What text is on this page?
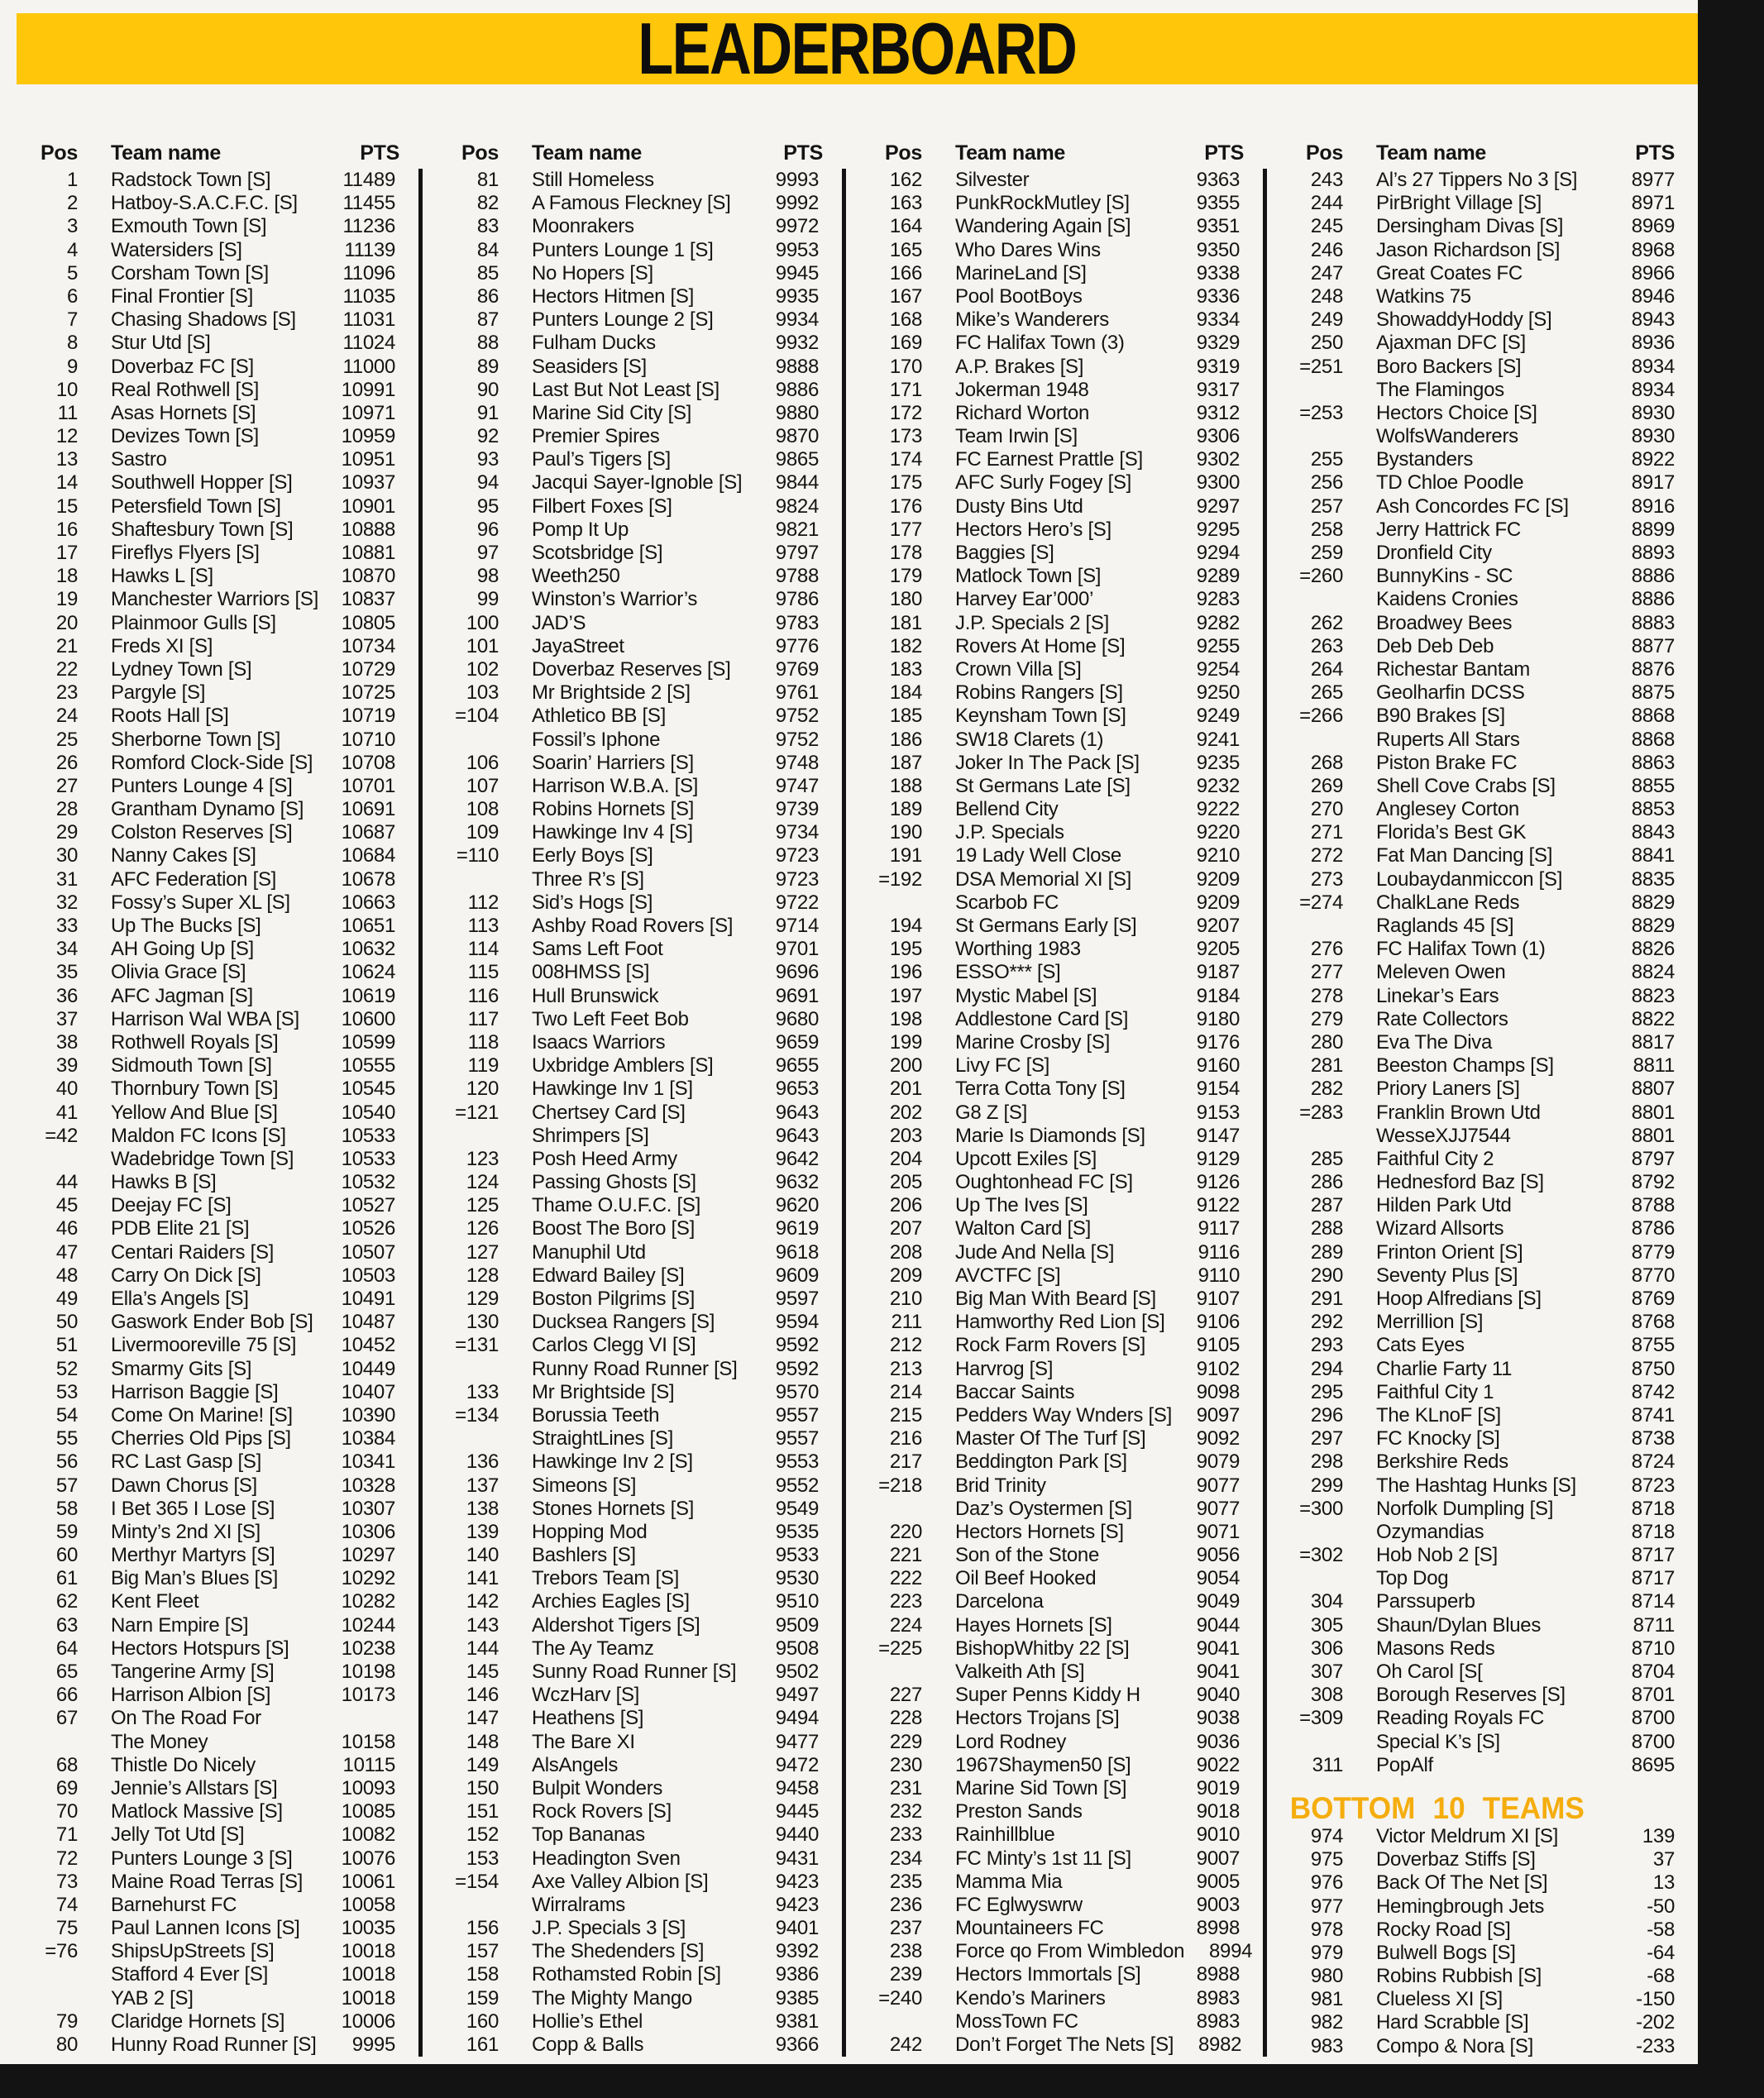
LEADERBOARD
Pos	Team name	PTS
1	Radstock Town [S]	11489
2	Hatboy-S.A.C.F.C. [S]	11455
3	Exmouth Town [S]	11236
4	Watersiders [S]	11139
5	Corsham Town [S]	11096
6	Final Frontier [S]	11035
7	Chasing Shadows [S]	11031
8	Stur Utd [S]	11024
9	Doverbaz FC [S]	11000
10	Real Rothwell [S]	10991
11	Asas Hornets [S]	10971
12	Devizes Town [S]	10959
13	Sastro	10951
14	Southwell Hopper [S]	10937
15	Petersfield Town [S]	10901
16	Shaftesbury Town [S]	10888
17	Fireflys Flyers [S]	10881
18	Hawks L [S]	10870
19	Manchester Warriors [S]	10837
20	Plainmoor Gulls [S]	10805
21	Freds XI [S]	10734
22	Lydney Town [S]	10729
23	Pargyle [S]	10725
24	Roots Hall [S]	10719
25	Sherborne Town [S]	10710
26	Romford Clock-Side [S]	10708
27	Punters Lounge 4 [S]	10701
28	Grantham Dynamo [S]	10691
29	Colston Reserves [S]	10687
30	Nanny Cakes [S]	10684
31	AFC Federation [S]	10678
32	Fossy’s Super XL [S]	10663
33	Up The Bucks [S]	10651
34	AH Going Up [S]	10632
35	Olivia Grace [S]	10624
36	AFC Jagman [S]	10619
37	Harrison Wal WBA [S]	10600
38	Rothwell Royals [S]	10599
39	Sidmouth Town [S]	10555
40	Thornbury Town [S]	10545
41	Yellow And Blue [S]	10540
=42	Maldon FC Icons [S]	10533
Wadebridge Town [S]	10533
44	Hawks B [S]	10532
45	Deejay FC [S]	10527
46	PDB Elite 21 [S]	10526
47	Centari Raiders [S]	10507
48	Carry On Dick [S]	10503
49	Ella’s Angels [S]	10491
50	Gaswork Ender Bob [S]	10487
51	Livermooreville 75 [S]	10452
52	Smarmy Gits [S]	10449
53	Harrison Baggie [S]	10407
54	Come On Marine! [S]	10390
55	Cherries Old Pips [S]	10384
56	RC Last Gasp [S]	10341
57	Dawn Chorus [S]	10328
58	I Bet 365 I Lose [S]	10307
59	Minty’s 2nd XI [S]	10306
60	Merthyr Martyrs [S]	10297
61	Big Man’s Blues [S]	10292
62	Kent Fleet	10282
63	Narn Empire [S]	10244
64	Hectors Hotspurs [S]	10238
65	Tangerine Army [S]	10198
66	Harrison Albion [S]	10173
67	On The Road For
The Money	10158
68	Thistle Do Nicely	10115
69	Jennie’s Allstars [S]	10093
70	Matlock Massive [S]	10085
71	Jelly Tot Utd [S]	10082
72	Punters Lounge 3 [S]	10076
73	Maine Road Terras [S]	10061
74	Barnehurst FC	10058
75	Paul Lannen Icons [S]	10035
=76	ShipsUpStreets [S]	10018
Stafford 4 Ever [S]	10018
YAB 2 [S]	10018
79	Claridge Hornets [S]	10006
80	Hunny Road Runner [S]	9995
Pos	Team name	PTS
81	Still Homeless	9993
82	A Famous Fleckney [S]	9992
83	Moonrakers	9972
84	Punters Lounge 1 [S]	9953
85	No Hopers [S]	9945
86	Hectors Hitmen [S]	9935
87	Punters Lounge 2 [S]	9934
88	Fulham Ducks	9932
89	Seasiders [S]	9888
90	Last But Not Least [S]	9886
91	Marine Sid City [S]	9880
92	Premier Spires	9870
93	Paul’s Tigers [S]	9865
94	Jacqui Sayer-Ignoble [S]	9844
95	Filbert Foxes [S]	9824
96	Pomp It Up	9821
97	Scotsbridge [S]	9797
98	Weeth250	9788
99	Winston’s Warrior’s	9786
100	JAD’S	9783
101	JayaStreet	9776
102	Doverbaz Reserves [S]	9769
103	Mr Brightside 2 [S]	9761
=104	Athletico BB [S]	9752
Fossil’s Iphone	9752
106	Soarin’ Harriers [S]	9748
107	Harrison W.B.A. [S]	9747
108	Robins Hornets [S]	9739
109	Hawkinge Inv 4 [S]	9734
=110	Eerly Boys [S]	9723
Three R’s [S]	9723
112	Sid’s Hogs [S]	9722
113	Ashby Road Rovers [S]	9714
114	Sams Left Foot	9701
115	008HMSS [S]	9696
116	Hull Brunswick	9691
117	Two Left Feet Bob	9680
118	Isaacs Warriors	9659
119	Uxbridge Amblers [S]	9655
120	Hawkinge Inv 1 [S]	9653
=121	Chertsey Card [S]	9643
Shrimpers [S]	9643
123	Posh Heed Army	9642
124	Passing Ghosts [S]	9632
125	Thame O.U.F.C. [S]	9620
126	Boost The Boro [S]	9619
127	Manuphil Utd	9618
128	Edward Bailey [S]	9609
129	Boston Pilgrims [S]	9597
130	Ducksea Rangers [S]	9594
=131	Carlos Clegg VI [S]	9592
Runny Road Runner [S]	9592
133	Mr Brightside [S]	9570
=134	Borussia Teeth	9557
StraightLines [S]	9557
136	Hawkinge Inv 2 [S]	9553
137	Simeons [S]	9552
138	Stones Hornets [S]	9549
139	Hopping Mod	9535
140	Bashlers [S]	9533
141	Trebors Team [S]	9530
142	Archies Eagles [S]	9510
143	Aldershot Tigers [S]	9509
144	The Ay Teamz	9508
145	Sunny Road Runner [S]	9502
146	WczHarv [S]	9497
147	Heathens [S]	9494
148	The Bare XI	9477
149	AlsAngels	9472
150	Bulpit Wonders	9458
151	Rock Rovers [S]	9445
152	Top Bananas	9440
153	Headington Sven	9431
=154	Axe Valley Albion [S]	9423
Wirralrams	9423
156	J.P. Specials 3 [S]	9401
157	The Shedenders [S]	9392
158	Rothamsted Robin [S]	9386
159	The Mighty Mango	9385
160	Hollie’s Ethel	9381
161	Copp & Balls	9366
Pos	Team name	PTS
162	Silvester	9363
163	PunkRockMutley [S]	9355
164	Wandering Again [S]	9351
165	Who Dares Wins	9350
166	MarineLand [S]	9338
167	Pool BootBoys	9336
168	Mike’s Wanderers	9334
169	FC Halifax Town (3)	9329
170	A.P. Brakes [S]	9319
171	Jokerman 1948	9317
172	Richard Worton	9312
173	Team Irwin [S]	9306
174	FC Earnest Prattle [S]	9302
175	AFC Surly Fogey [S]	9300
176	Dusty Bins Utd	9297
177	Hectors Hero’s [S]	9295
178	Baggies [S]	9294
179	Matlock Town [S]	9289
180	Harvey Ear’000’	9283
181	J.P. Specials 2 [S]	9282
182	Rovers At Home [S]	9255
183	Crown Villa [S]	9254
184	Robins Rangers [S]	9250
185	Keynsham Town [S]	9249
186	SW18 Clarets (1)	9241
187	Joker In The Pack [S]	9235
188	St Germans Late [S]	9232
189	Bellend City	9222
190	J.P. Specials	9220
191	19 Lady Well Close	9210
=192	DSA Memorial XI [S]	9209
Scarbob FC	9209
194	St Germans Early [S]	9207
195	Worthing 1983	9205
196	ESSO*** [S]	9187
197	Mystic Mabel [S]	9184
198	Addlestone Card [S]	9180
199	Marine Crosby [S]	9176
200	Livy FC [S]	9160
201	Terra Cotta Tony [S]	9154
202	G8 Z [S]	9153
203	Marie Is Diamonds [S]	9147
204	Upcott Exiles [S]	9129
205	Oughtonhead FC [S]	9126
206	Up The Ives [S]	9122
207	Walton Card [S]	9117
208	Jude And Nella [S]	9116
209	AVCTFC [S]	9110
210	Big Man With Beard [S]	9107
211	Hamworthy Red Lion [S]	9106
212	Rock Farm Rovers [S]	9105
213	Harvrog [S]	9102
214	Baccar Saints	9098
215	Pedders Way Wnders [S]	9097
216	Master Of The Turf [S]	9092
217	Beddington Park [S]	9079
=218	Brid Trinity	9077
Daz’s Oystermen [S]	9077
220	Hectors Hornets [S]	9071
221	Son of the Stone	9056
222	Oil Beef Hooked	9054
223	Darcelona	9049
224	Hayes Hornets [S]	9044
=225	BishopWhitby 22 [S]	9041
Valkeith Ath [S]	9041
227	Super Penns Kiddy H	9040
228	Hectors Trojans [S]	9038
229	Lord Rodney	9036
230	1967Shaymen50 [S]	9022
231	Marine Sid Town [S]	9019
232	Preston Sands	9018
233	Rainhillblue	9010
234	FC Minty’s 1st 11 [S]	9007
235	Mamma Mia	9005
236	FC Eglwyswrw	9003
237	Mountaineers FC	8998
238	Force qo From Wimbledon	8994
239	Hectors Immortals [S]	8988
=240	Kendo’s Mariners	8983
MossTown FC	8983
242	Don’t Forget The Nets [S]	8982
Pos	Team name	PTS
243	Al’s 27 Tippers No 3 [S]	8977
244	PirBright Village [S]	8971
245	Dersingham Divas [S]	8969
246	Jason Richardson [S]	8968
247	Great Coates FC	8966
248	Watkins 75	8946
249	ShowaddyHoddy [S]	8943
250	Ajaxman DFC [S]	8936
=251	Boro Backers [S]	8934
The Flamingos	8934
=253	Hectors Choice [S]	8930
WolfsWanderers	8930
255	Bystanders	8922
256	TD Chloe Poodle	8917
257	Ash Concordes FC [S]	8916
258	Jerry Hattrick FC	8899
259	Dronfield City	8893
=260	BunnyKins - SC	8886
Kaidens Cronies	8886
262	Broadwey Bees	8883
263	Deb Deb Deb	8877
264	Richestar Bantam	8876
265	Geolharfin DCSS	8875
=266	B90 Brakes [S]	8868
Ruperts All Stars	8868
268	Piston Brake FC	8863
269	Shell Cove Crabs [S]	8855
270	Anglesey Corton	8853
271	Florida’s Best GK	8843
272	Fat Man Dancing [S]	8841
273	Loubaydanmiccon [S]	8835
=274	ChalkLane Reds	8829
Raglands 45 [S]	8829
276	FC Halifax Town (1)	8826
277	Meleven Owen	8824
278	Linekar’s Ears	8823
279	Rate Collectors	8822
280	Eva The Diva	8817
281	Beeston Champs [S]	8811
282	Priory Laners [S]	8807
=283	Franklin Brown Utd	8801
WesseXJJ7544	8801
285	Faithful City 2	8797
286	Hednesford Baz [S]	8792
287	Hilden Park Utd	8788
288	Wizard Allsorts	8786
289	Frinton Orient [S]	8779
290	Seventy Plus [S]	8770
291	Hoop Alfredians [S]	8769
292	Merrillion [S]	8768
293	Cats Eyes	8755
294	Charlie Farty 11	8750
295	Faithful City 1	8742
296	The KLnoF [S]	8741
297	FC Knocky [S]	8738
298	Berkshire Reds	8724
299	The Hashtag Hunks [S]	8723
=300	Norfolk Dumpling [S]	8718
Ozymandias	8718
=302	Hob Nob 2 [S]	8717
Top Dog	8717
304	Parssuperb	8714
305	Shaun/Dylan Blues	8711
306	Masons Reds	8710
307	Oh Carol [S[	8704
308	Borough Reserves [S]	8701
=309	Reading Royals FC	8700
Special K’s [S]	8700
311	PopAlf	8695
BOTTOM 10 TEAMS
974	Victor Meldrum XI [S]	139
975	Doverbaz Stiffs [S]	37
976	Back Of The Net [S]	13
977	Hemingbrough Jets	-50
978	Rocky Road [S]	-58
979	Bulwell Bogs [S]	-64
980	Robins Rubbish [S]	-68
981	Clueless XI [S]	-150
982	Hard Scrabble [S]	-202
983	Compo & Nora [S]	-233
